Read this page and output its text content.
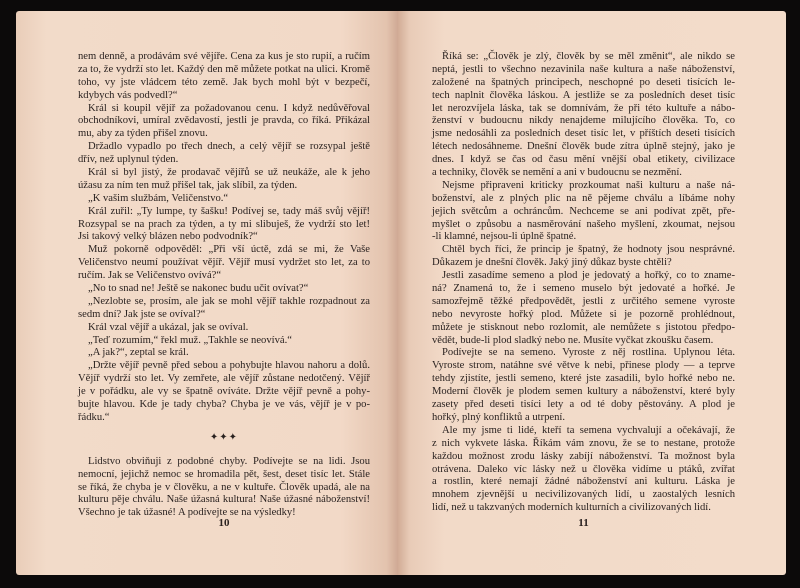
nem denně, a prodávám své vějíře. Cena za kus je sto rupií, a ručím
za to, že vydrží sto let. Každý den mě můžete potkat na ulici. Kromě
toho, vy jste vládcem této země. Jak bych mohl být v bezpečí,
kdybych vás podvedl?“
Král si koupil vějíř za požadovanou cenu. I když nedůvěřoval
obchodníkovi, umíral zvědavostí, jestli je pravda, co říká. Přikázal
mu, aby za týden přišel znovu.
Držadlo vypadlo po třech dnech, a celý vějíř se rozsypal ještě
dřív, než uplynul týden.
Král si byl jistý, že prodavač vějířů se už neukáže, ale k jeho
úžasu za ním ten muž přišel tak, jak slíbil, za týden.
„K vašim službám, Veličenstvo.“
Král zuřil: „Ty lumpe, ty šašku! Podívej se, tady máš svůj vějíř!
Rozsypal se na prach za týden, a ty mi slibuješ, že vydrží sto let!
Jsi takový velký blázen nebo podvodník?“
Muž pokorně odpověděl: „Při vší úctě, zdá se mi, že Vaše
Veličenstvo neumí používat vějíř. Vějíř musí vydržet sto let, za to
ručím. Jak se Veličenstvo ovívá?“
„No to snad ne! Ještě se nakonec budu učit ovívat?“
„Nezlobte se, prosím, ale jak se mohl vějíř takhle rozpadnout za
sedm dní? Jak jste se ovíval?“
Král vzal vějíř a ukázal, jak se ovíval.
„Teď rozumím,“ řekl muž. „Takhle se neovívá.“
„A jak?“, zeptal se král.
„Držte vějíř pevně před sebou a pohybujte hlavou nahoru a dolů.
Vějíř vydrží sto let. Vy zemřete, ale vějíř zůstane nedotčený. Vějíř
je v pořádku, ale vy se špatně ovíváte. Držte vějíř pevně a pohy-
bujte hlavou. Kde je tady chyba? Chyba je ve vás, vějíř je v po-
řádku.“
✦✦✦
Lidstvo obviňuji z podobné chyby. Podívejte se na lidi. Jsou
nemocní, jejichž nemoc se hromadila pět, šest, deset tisíc let. Stále
se říká, že chyba je v člověku, a ne v kultuře. Člověk upadá, ale na
kulturu pěje chválu. Naše úžasná kultura! Naše úžasné náboženství!
Všechno je tak úžasné! A podívejte se na výsledky!
10
Říká se: „Člověk je zlý, člověk by se měl změnit“, ale nikdo se
neptá, jestli to všechno nezavinila naše kultura a naše náboženství,
založené na špatných principech, neschopné po deseti tisících le-
tech naplnit člověka láskou. A jestliže se za posledních deset tisíc
let nerozvíjela láska, tak se domnívám, že při této kultuře a nábo-
ženství v budoucnu nikdy nenajdeme milujícího člověka. To, co
jsme nedosáhli za posledních deset tisíc let, v příštích deseti tisících
létech nedosáhneme. Dnešní člověk bude zítra úplně stejný, jako je
dnes. I když se čas od času mění vnější obal etikety, civilizace
a techniky, člověk se nemění a ani v budoucnu se nezmění.
Nejsme připraveni kriticky prozkoumat naši kulturu a naše ná-
boženství, ale z plných plic na ně pějeme chválu a líbáme nohy
jejich světcům a ochráncům. Nechceme se ani podívat zpět, pře-
myšlet o způsobu a nasměrování našeho myšlení, zkoumat, nejsou
-li klamné, nejsou-li úplně špatné.
Chtěl bych říci, že princip je špatný, že hodnoty jsou nesprávné.
Důkazem je dnešní člověk. Jaký jiný důkaz byste chtěli?
Jestli zasadíme semeno a plod je jedovatý a hořký, co to zname-
ná? Znamená to, že i semeno muselo být jedovaté a hořké. Je
samozřejmě těžké předpovědět, jestli z určitého semene vyroste
nebo nevyroste hořký plod. Můžete si je pozorně prohlédnout,
můžete je stisknout nebo rozlomit, ale nemůžete s jistotou předpo-
vědět, bude-li plod sladký nebo ne. Musíte vyčkat zkoušku časem.
Podívejte se na semeno. Vyroste z něj rostlina. Uplynou léta.
Vyroste strom, natáhne své větve k nebi, přinese plody — a teprve
tehdy zjistíte, jestli semeno, které jste zasadili, bylo hořké nebo ne.
Moderní člověk je plodem semen kultury a náboženství, které byly
zasety před deseti tisíci lety a od té doby pěstovány. A plod je
hořký, plný konfliktů a utrpení.
Ale my jsme ti lidé, kteří ta semena vychvalují a očekávají, že
z nich vykvete láska. Říkám vám znovu, že se to nestane, protože
každou možnost zrodu lásky zabíjí náboženství. Ta možnost byla
otrávena. Daleko víc lásky než u člověka vidíme u ptáků, zvířat
a rostlin, které nemají žádné náboženství ani kulturu. Láska je
mnohem zjevnější u necivilizovaných lidí, u zaostalých lesních
lidí, než u takzvaných moderních kulturních a civilizovaných lidí.
11
